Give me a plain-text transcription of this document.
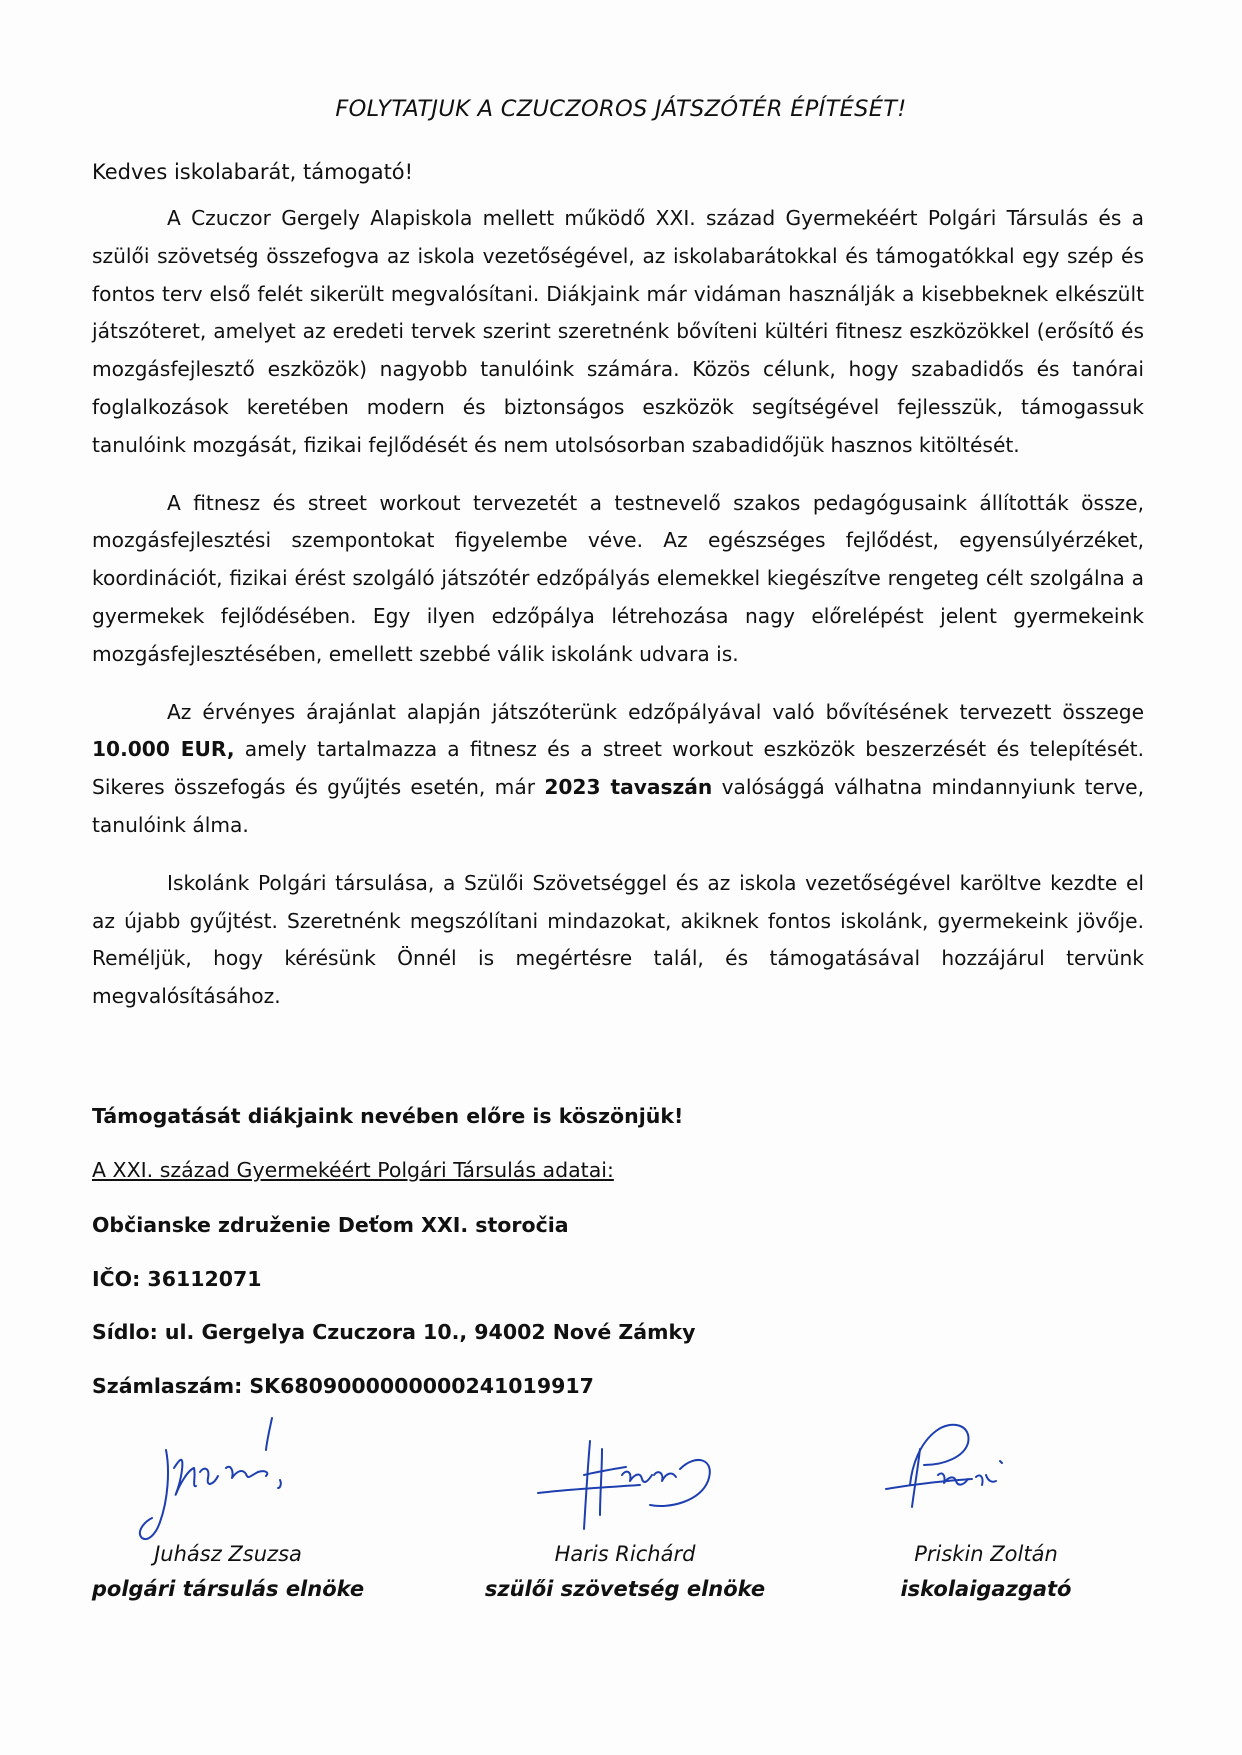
FOLYTATJUK A CZUCZOROS JÁTSZÓTÉR ÉPÍTÉSÉT!
Kedves iskolabarát, támogató!

A Czuczor Gergely Alapiskola mellett működő XXI. század Gyermekéért Polgári Társulás és a szülői szövetség összefogva az iskola vezetőségével, az iskolabarátokkal és támogatókkal egy szép és fontos terv első felét sikerült megvalósítani. Diákjaink már vidáman használják a kisebbeknek elkészült játszóteret, amelyet az eredeti tervek szerint szeretnénk bővíteni kültéri fitnesz eszközökkel (erősítő és mozgásfejlesztő eszközök) nagyobb tanulóink számára. Közös célunk, hogy szabadidős és tanórai foglalkozások keretében modern és biztonságos eszközök segítségével fejlesszük, támogassuk tanulóink mozgását, fizikai fejlődését és nem utolsósorban szabadidőjük hasznos kitöltését.

A fitnesz és street workout tervezetét a testnevelő szakos pedagógusaink állították össze, mozgásfejlesztési szempontokat figyelembe véve. Az egészséges fejlődést, egyensúlyérzéket, koordinációt, fizikai érést szolgáló játszótér edzőpályás elemekkel kiegészítve rengeteg célt szolgálna a gyermekek fejlődésében. Egy ilyen edzőpálya létrehozása nagy előrelépést jelent gyermekeink mozgásfejlesztésében, emellett szebbé válik iskolánk udvara is.

Az érvényes árajánlat alapján játszóterünk edzőpályával való bővítésének tervezett összege 10.000 EUR, amely tartalmazza a fitnesz és a street workout eszközök beszerzését és telepítését. Sikeres összefogás és gyűjtés esetén, már 2023 tavaszán valósággá válhatna mindannyiunk terve, tanulóink álma.

Iskolánk Polgári társulása, a Szülői Szövetséggel és az iskola vezetőségével karöltve kezdte el az újabb gyűjtést. Szeretnénk megszólítani mindazokat, akiknek fontos iskolánk, gyermekeink jövője. Reméljük, hogy kérésünk Önnél is megértésre talál, és támogatásával hozzájárul tervünk megvalósításához.

Támogatását diákjaink nevében előre is köszönjük!
A XXI. század Gyermekéért Polgári Társulás adatai:
Občianske združenie Deťom XXI. storočia
IČO: 36112071
Sídlo: ul. Gergelya Czuczora 10., 94002 Nové Zámky
Számlaszám: SK6809000000000241019917
Juhász Zsuzsa
polgári társulás elnöke
Haris Richárd
szülői szövetség elnöke
Priskin Zoltán
iskolaigazgató
